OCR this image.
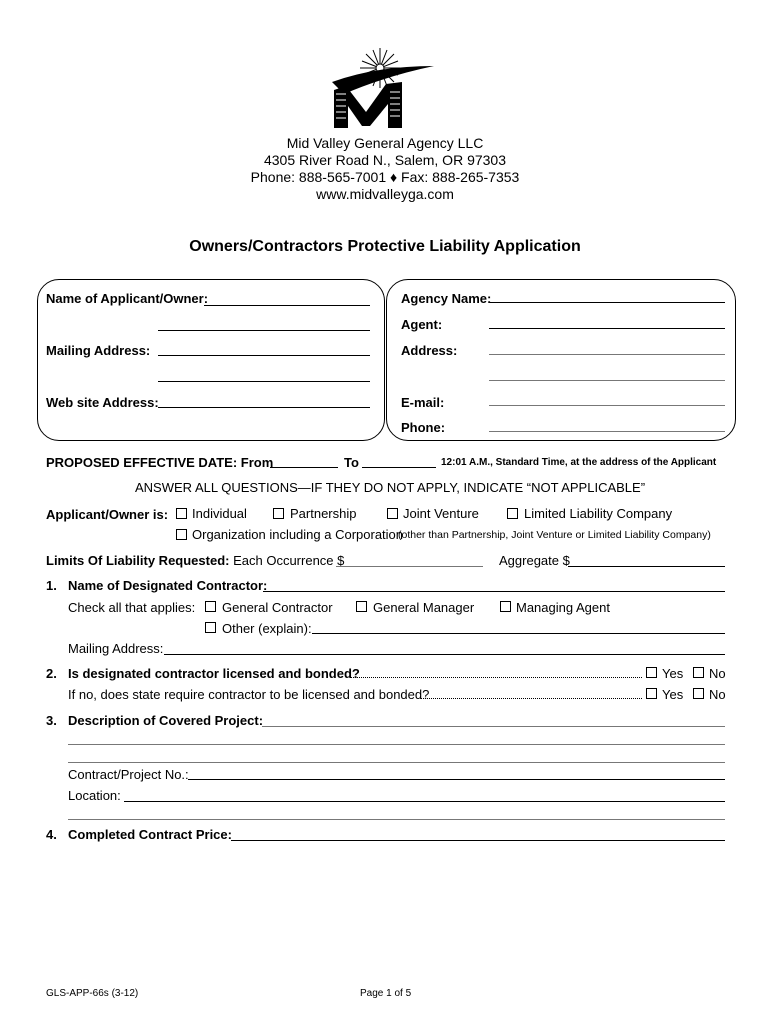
Mid Valley General Agency LLC
4305 River Road N., Salem, OR 97303
Phone: 888-565-7001 ♦ Fax: 888-265-7353
www.midvalleyga.com
Owners/Contractors Protective Liability Application
Name of Applicant/Owner:
Mailing Address:
Web site Address:
Agency Name:
Agent:
Address:
E-mail:
Phone:
PROPOSED EFFECTIVE DATE: From	To	12:01 A.M., Standard Time, at the address of the Applicant
ANSWER ALL QUESTIONS—IF THEY DO NOT APPLY, INDICATE “NOT APPLICABLE”
Applicant/Owner is: Individual	Partnership	Joint Venture	Limited Liability Company
Organization including a Corporation
(other than Partnership, Joint Venture or Limited Liability Company)
Limits Of Liability Requested: Each Occurrence $	Aggregate $
1. Name of Designated Contractor:
Check all that applies: General Contractor	General Manager	Managing Agent
Other (explain):
Mailing Address:
2. Is designated contractor licensed and bonded?	Yes No
If no, does state require contractor to be licensed and bonded?	Yes No
3. Description of Covered Project:
Contract/Project No.:
Location:
4. Completed Contract Price:
GLS-APP-66s (3-12)	Page 1 of 5
